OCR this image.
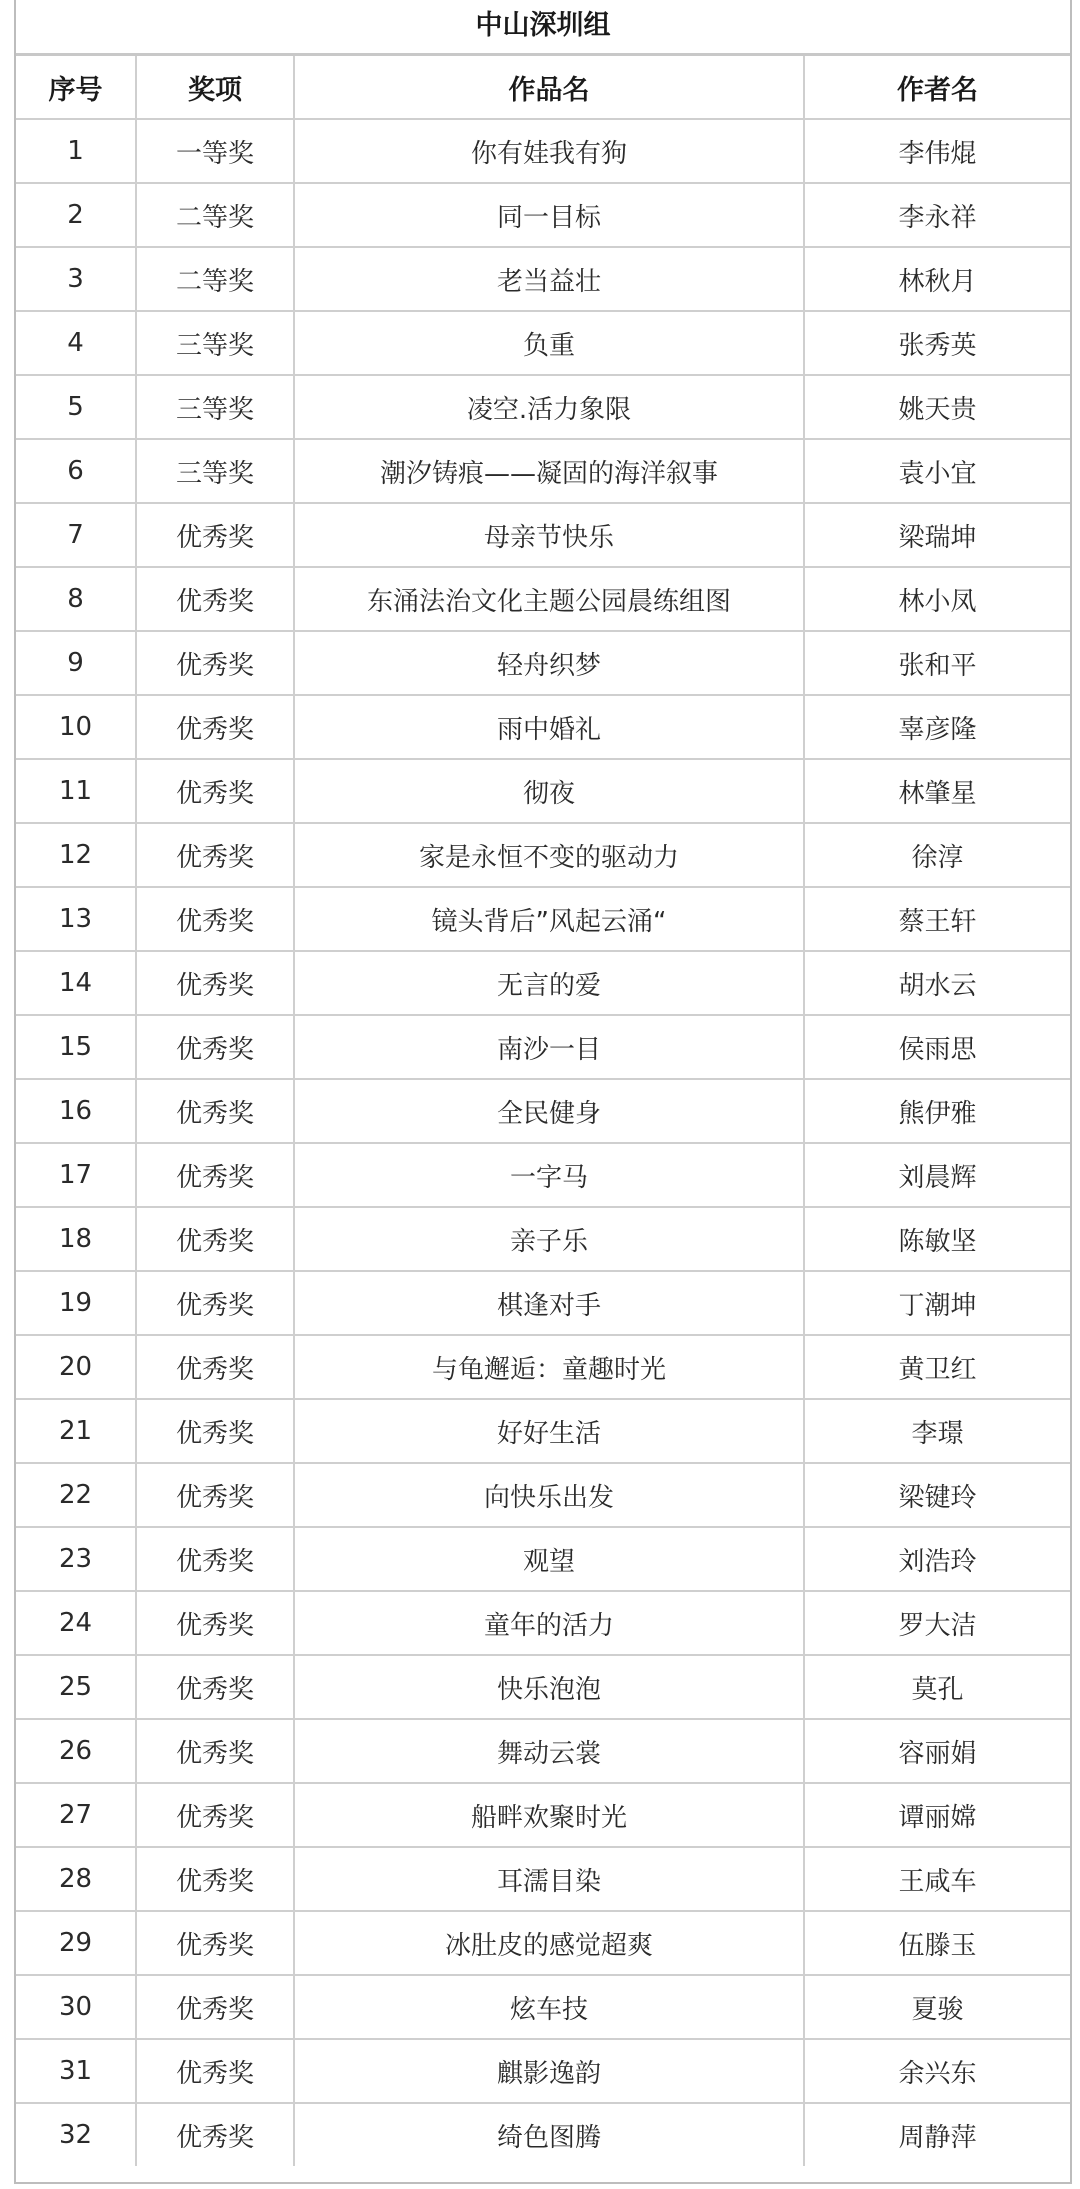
中山深圳组
序号	奖项	作品名	作者名
1	一等奖	你有娃我有狗	李伟焜
2	二等奖	同一目标	李永祥
3	二等奖	老当益壮	林秋月
4	三等奖	负重	张秀英
5	三等奖	凌空.活力象限	姚天贵
6	三等奖	潮汐铸痕——凝固的海洋叙事	袁小宜
7	优秀奖	母亲节快乐	梁瑞坤
8	优秀奖	东涌法治文化主题公园晨练组图	林小凤
9	优秀奖	轻舟织梦	张和平
10	优秀奖	雨中婚礼	辜彦隆
11	优秀奖	彻夜	林肇星
12	优秀奖	家是永恒不变的驱动力	徐淳
13	优秀奖	镜头背后”风起云涌“	蔡王轩
14	优秀奖	无言的爱	胡水云
15	优秀奖	南沙一目	侯雨思
16	优秀奖	全民健身	熊伊雅
17	优秀奖	一字马	刘晨辉
18	优秀奖	亲子乐	陈敏坚
19	优秀奖	棋逢对手	丁潮坤
20	优秀奖	与龟邂逅：童趣时光	黄卫红
21	优秀奖	好好生活	李璟
22	优秀奖	向快乐出发	梁键玲
23	优秀奖	观望	刘浩玲
24	优秀奖	童年的活力	罗大洁
25	优秀奖	快乐泡泡	莫孔
26	优秀奖	舞动云裳	容丽娟
27	优秀奖	船畔欢聚时光	谭丽嫦
28	优秀奖	耳濡目染	王咸车
29	优秀奖	冰肚皮的感觉超爽	伍滕玉
30	优秀奖	炫车技	夏骏
31	优秀奖	麒影逸韵	余兴东
32	优秀奖	绮色图腾	周静萍
